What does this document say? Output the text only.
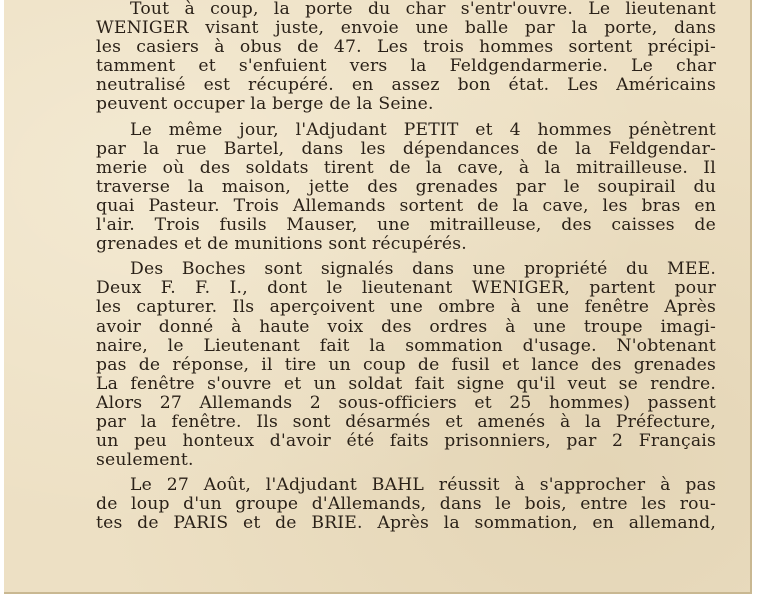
Tout à coup, la porte du char s'entr'ouvre. Le lieutenant
WENIGER visant juste, envoie une balle par la porte, dans
les casiers à obus de 47. Les trois hommes sortent précipi-
tamment et s'enfuient vers la Feldgendarmerie. Le char
neutralisé est récupéré. en assez bon état. Les Américains
peuvent occuper la berge de la Seine.
Le même jour, l'Adjudant PETIT et 4 hommes pénètrent
par la rue Bartel, dans les dépendances de la Feldgendar-
merie où des soldats tirent de la cave, à la mitrailleuse. Il
traverse la maison, jette des grenades par le soupirail du
quai Pasteur. Trois Allemands sortent de la cave, les bras en
l'air. Trois fusils Mauser, une mitrailleuse, des caisses de
grenades et de munitions sont récupérés.
Des Boches sont signalés dans une propriété du MEE.
Deux F. F. I., dont le lieutenant WENIGER, partent pour
les capturer. Ils aperçoivent une ombre à une fenêtre Après
avoir donné à haute voix des ordres à une troupe imagi-
naire, le Lieutenant fait la sommation d'usage. N'obtenant
pas de réponse, il tire un coup de fusil et lance des grenades
La fenêtre s'ouvre et un soldat fait signe qu'il veut se rendre.
Alors 27 Allemands 2 sous-officiers et 25 hommes) passent
par la fenêtre. Ils sont désarmés et amenés à la Préfecture,
un peu honteux d'avoir été faits prisonniers, par 2 Français
seulement.
Le 27 Août, l'Adjudant BAHL réussit à s'approcher à pas
de loup d'un groupe d'Allemands, dans le bois, entre les rou-
tes de PARIS et de BRIE. Après la sommation, en allemand,
